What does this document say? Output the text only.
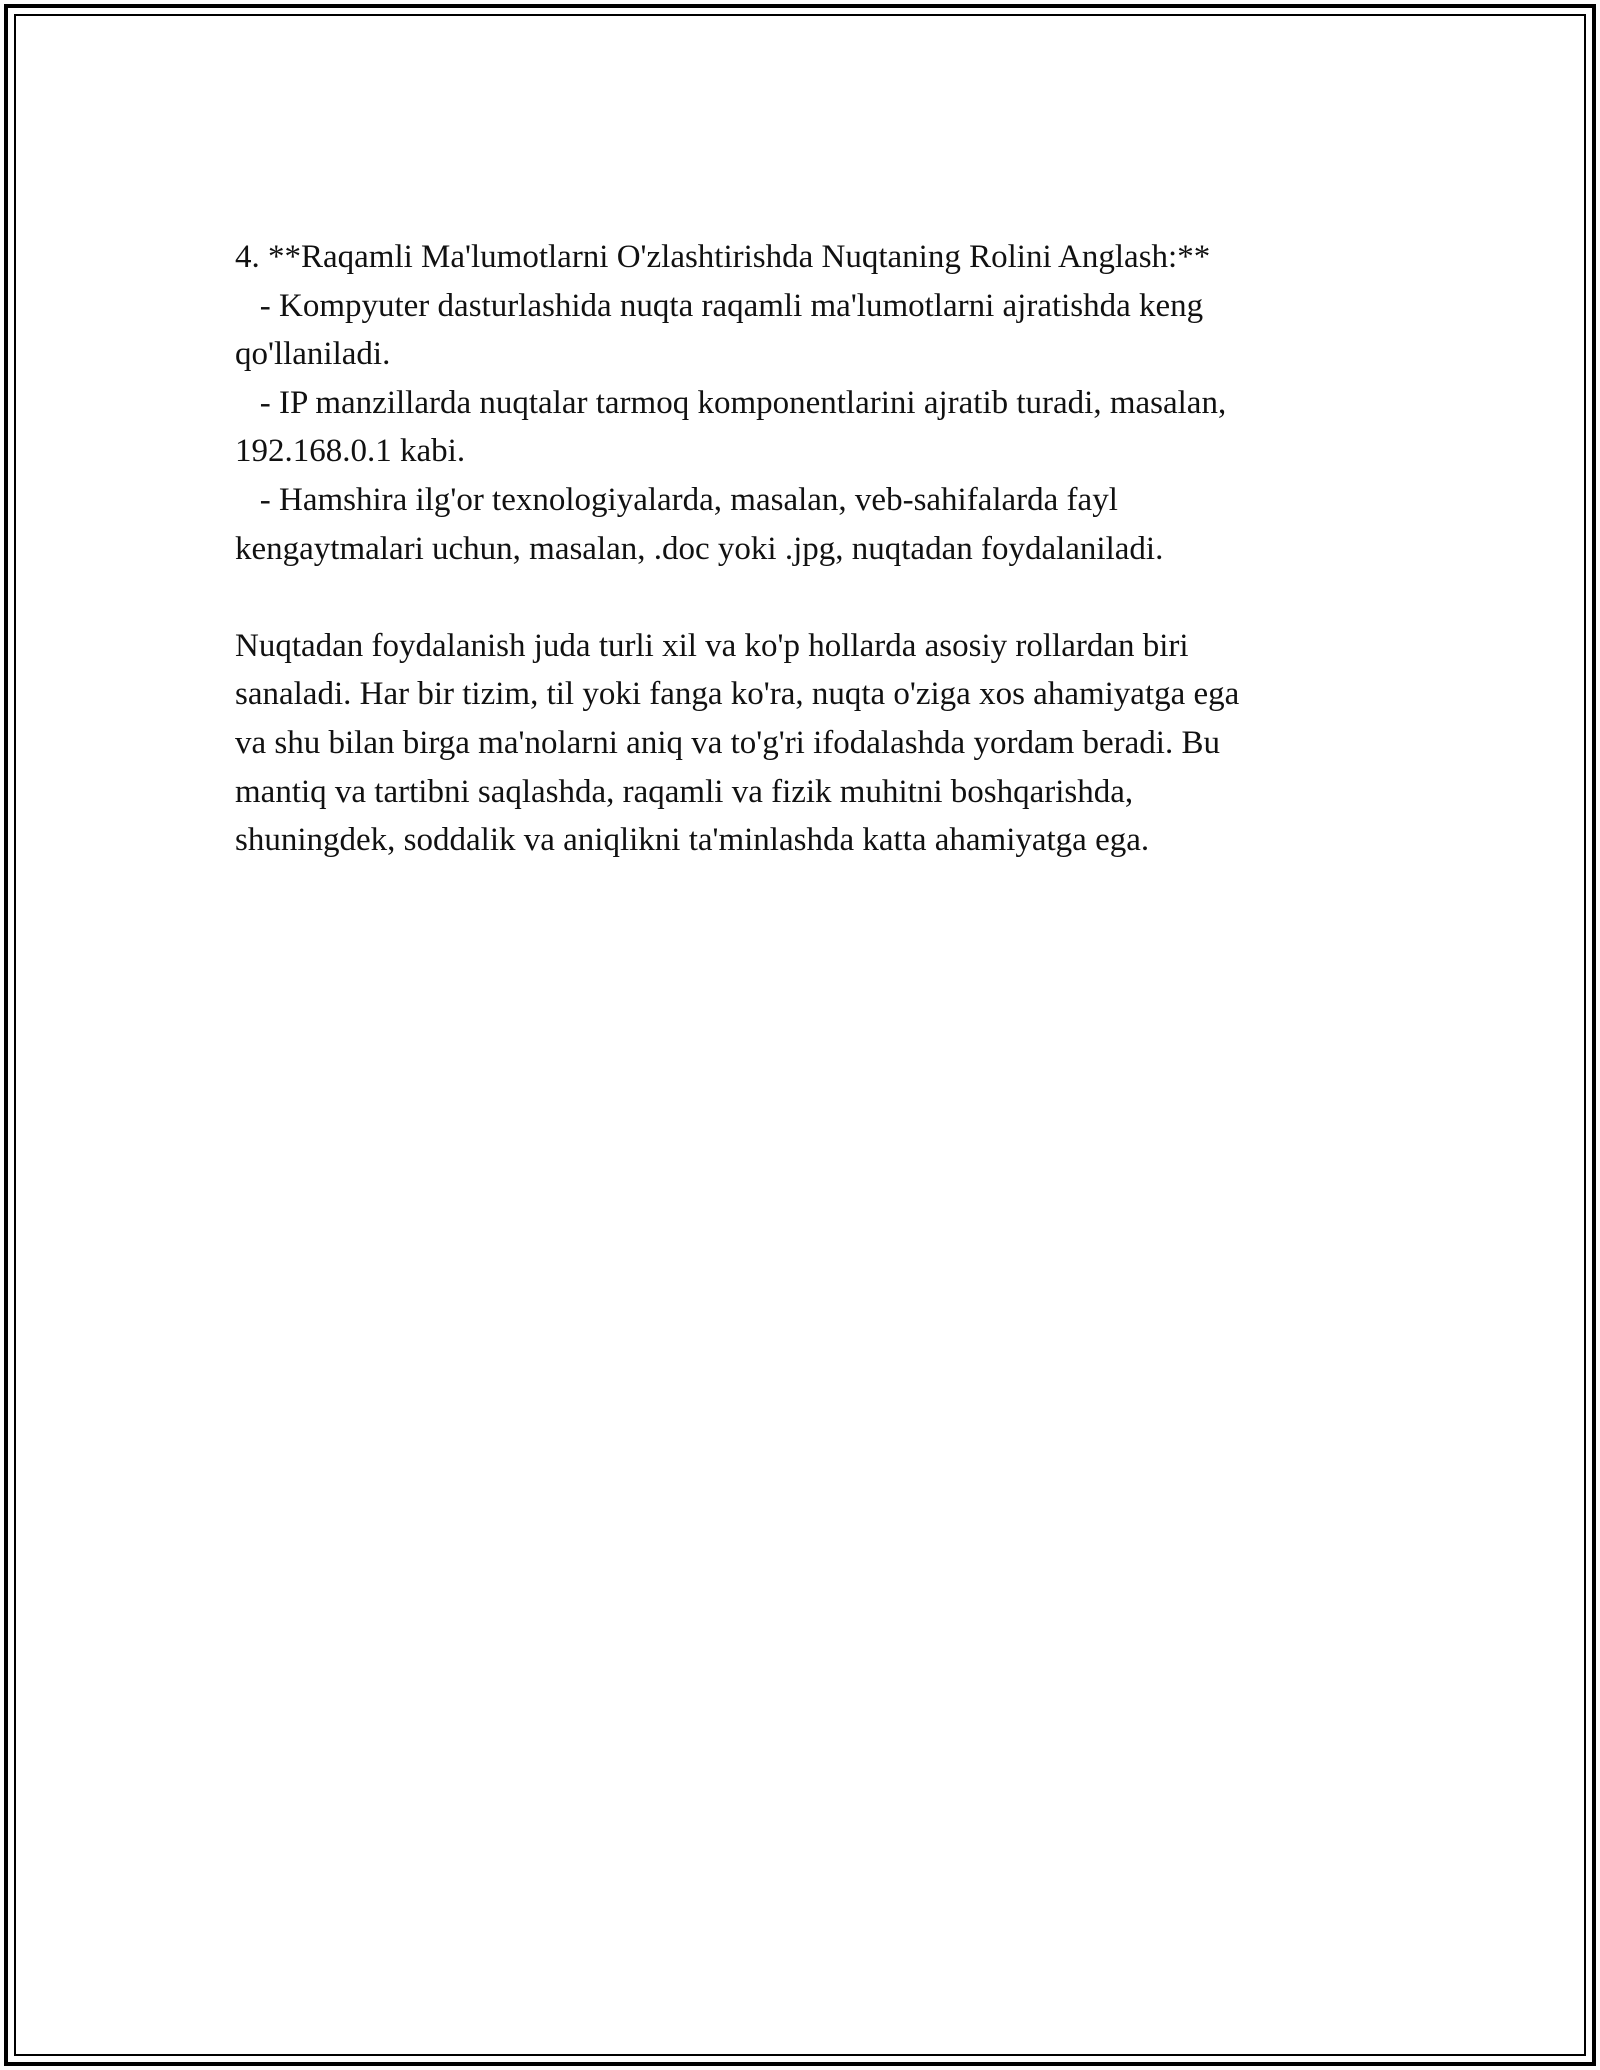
4. **Raqamli Ma'lumotlarni O'zlashtirishda Nuqtaning Rolini Anglash:**
- Kompyuter dasturlashida nuqta raqamli ma'lumotlarni ajratishda keng
qo'llaniladi.
- IP manzillarda nuqtalar tarmoq komponentlarini ajratib turadi, masalan,
192.168.0.1 kabi.
- Hamshira ilg'or texnologiyalarda, masalan, veb-sahifalarda fayl
kengaytmalari uchun, masalan, .doc yoki .jpg, nuqtadan foydalaniladi.
Nuqtadan foydalanish juda turli xil va ko'p hollarda asosiy rollardan biri
sanaladi. Har bir tizim, til yoki fanga ko'ra, nuqta o'ziga xos ahamiyatga ega
va shu bilan birga ma'nolarni aniq va to'g'ri ifodalashda yordam beradi. Bu
mantiq va tartibni saqlashda, raqamli va fizik muhitni boshqarishda,
shuningdek, soddalik va aniqlikni ta'minlashda katta ahamiyatga ega.
